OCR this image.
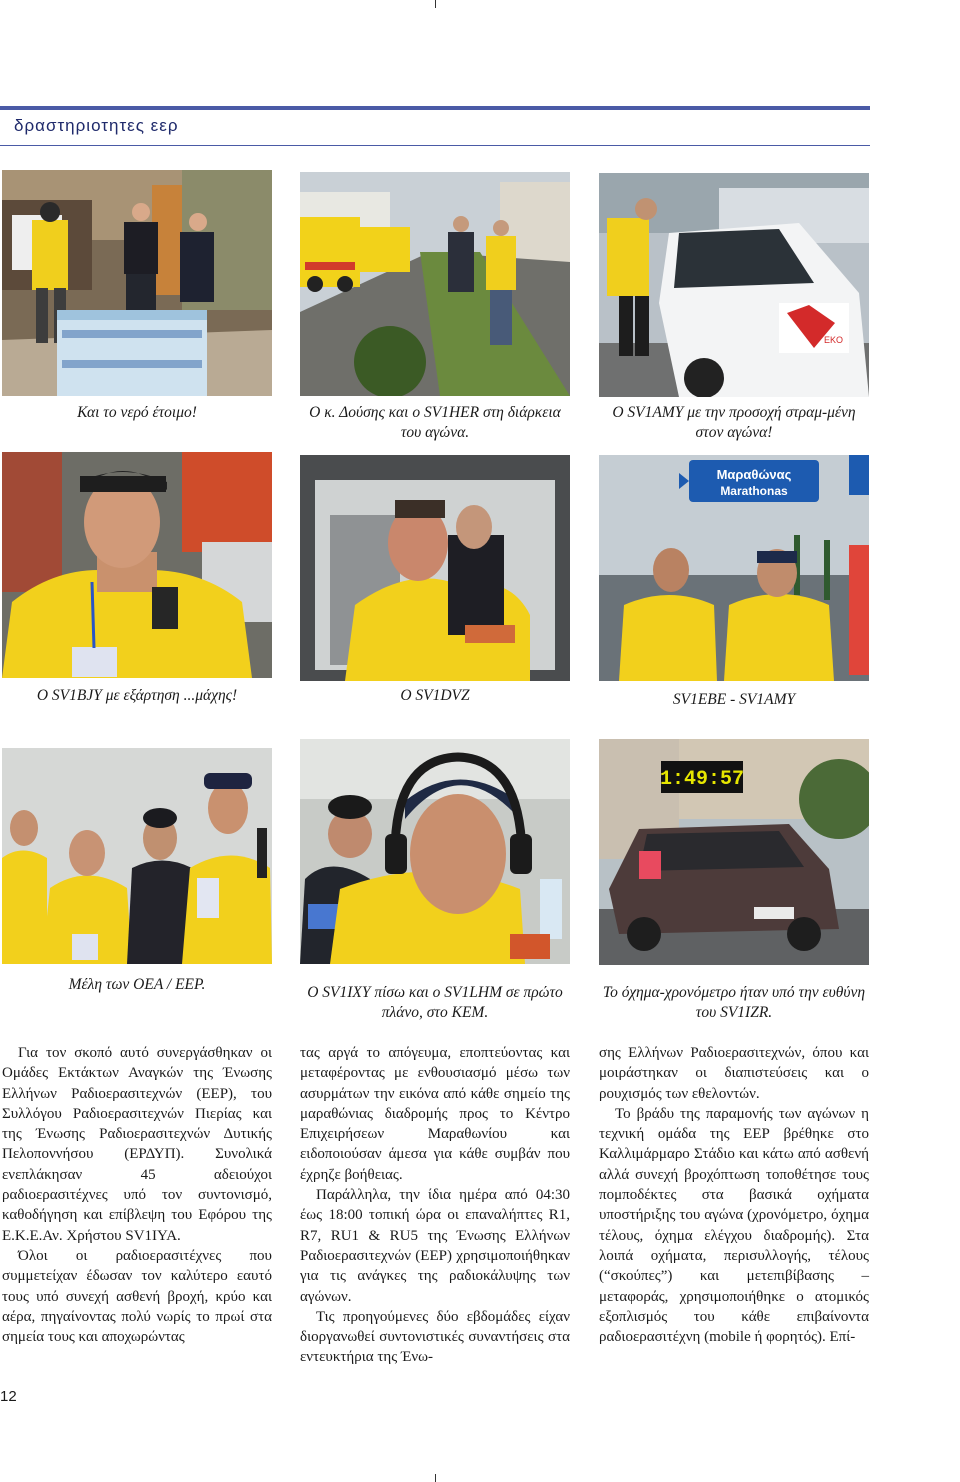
δραστηριοτητες εερ
Και το νερό έτοιμο!	Ο κ. Δούσης και ο SV1HER στη διάρκεια του αγώνα.
EKO
Ο SV1AMY με την προσοχή στραμ-μένη στον αγώνα!
Ο SV1BJY με εξάρτηση ...μάχης!	Ο SV1DVZ
Μαραθώνας
Marathonas
SV1EBE - SV1AMY
Μέλη των ΟΕΑ / ΕΕΡ.	Ο SV1IXY πίσω και ο SV1LHM σε πρώτο πλάνο, στο ΚΕΜ.
1:49:57
Το όχημα-χρονόμετρο ήταν υπό την ευθύνη του SV1IZR.

Για τον σκοπό αυτό συνεργάσθηκαν οι Ομάδες Εκτάκτων Αναγκών της Ένωσης Ελλήνων Ραδιοερασιτεχνών (ΕΕΡ), του Συλλόγου Ραδιοερασιτεχνών Πιερίας και της Ένωσης Ραδιοερασιτεχνών Δυτικής Πελοποννήσου (ΕΡΔΥΠ). Συνολικά ενεπλάκησαν 45 αδειούχοι ραδιοερασιτέχνες υπό τον συντονισμό, καθοδήγηση και επίβλεψη του Εφόρου της Ε.Κ.Ε.Αν. Χρήστου SV1IYA.

Όλοι οι ραδιοερασιτέχνες που συμμετείχαν έδωσαν τον καλύτερο εαυτό τους υπό συνεχή ασθενή βροχή, κρύο και αέρα, πηγαίνοντας πολύ νωρίς το πρωί στα σημεία τους και αποχωρώντας

τας αργά το απόγευμα, εποπτεύοντας και μεταφέροντας με ενθουσιασμό μέσω των ασυρμάτων την εικόνα από κάθε σημείο της μαραθώνιας διαδρομής προς το Κέντρο Επιχειρήσεων Μαραθωνίου και ειδοποιούσαν άμεσα για κάθε συμβάν που έχρηζε βοήθειας.

Παράλληλα, την ίδια ημέρα από 04:30 έως 18:00 τοπική ώρα οι επαναλήπτες R1, R7, RU1 & RU5 της Ένωσης Ελλήνων Ραδιοερασιτεχνών (ΕΕΡ) χρησιμοποιήθηκαν για τις ανάγκες της ραδιοκάλυψης των αγώνων.

Τις προηγούμενες δύο εβδομάδες είχαν διοργανωθεί συντονιστικές συναντήσεις στα εντευκτήρια της Ένω-

σης Ελλήνων Ραδιοερασιτεχνών, όπου και μοιράστηκαν οι διαπιστεύσεις και ο ρουχισμός των εθελοντών.

Το βράδυ της παραμονής των αγώνων η τεχνική ομάδα της ΕΕΡ βρέθηκε στο Καλλιμάρμαρο Στάδιο και κάτω από ασθενή αλλά συνεχή βροχόπτωση τοποθέτησε τους πομποδέκτες στα βασικά οχήματα υποστήριξης του αγώνα (χρονόμετρο, όχημα τέλους, όχημα ελέγχου διαδρομής). Στα λοιπά οχήματα, περισυλλογής, τέλους (“σκούπες”) και μετεπιβίβασης – μεταφοράς, χρησιμοποιήθηκε ο ατομικός εξοπλισμός του κάθε επιβαίνοντα ραδιοερασιτέχνη (mobile ή φορητός). Επί-

12
